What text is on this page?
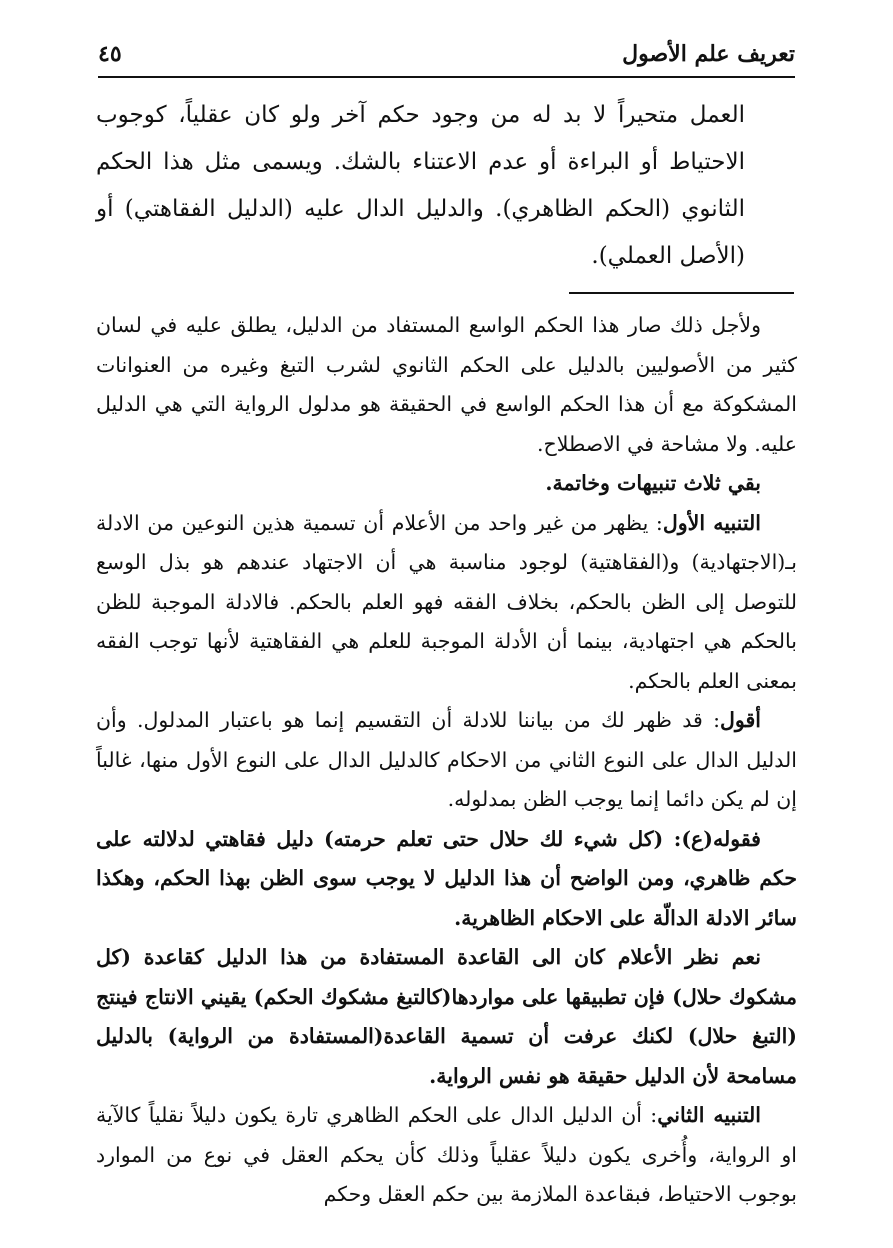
تعريف علم الأصول
٤٥

العمل متحيراً لا بد له من وجود حكم آخر ولو كان عقلياً، كوجوب الاحتياط أو البراءة أو عدم الاعتناء بالشك. ويسمى مثل هذا الحكم الثانوي (الحكم الظاهري). والدليل الدال عليه (الدليل الفقاهتي) أو (الأصل العملي).

ولأجل ذلك صار هذا الحكم الواسع المستفاد من الدليل، يطلق عليه في لسان كثير من الأصوليين بالدليل على الحكم الثانوي لشرب التبغ وغيره من العنوانات المشكوكة مع أن هذا الحكم الواسع في الحقيقة هو مدلول الرواية التي هي الدليل عليه. ولا مشاحة في الاصطلاح.

بقي ثلاث تنبيهات وخاتمة.

التنبيه الأول: يظهر من غير واحد من الأعلام أن تسمية هذين النوعين من الادلة بـ(الاجتهادية) و(الفقاهتية) لوجود مناسبة هي أن الاجتهاد عندهم هو بذل الوسع للتوصل إلى الظن بالحكم، بخلاف الفقه فهو العلم بالحكم. فالادلة الموجبة للظن بالحكم هي اجتهادية، بينما أن الأدلة الموجبة للعلم هي الفقاهتية لأنها توجب الفقه بمعنى العلم بالحكم.

أقول: قد ظهر لك من بياننا للادلة أن التقسيم إنما هو باعتبار المدلول. وأن الدليل الدال على النوع الثاني من الاحكام كالدليل الدال على النوع الأول منها، غالباً إن لم يكن دائما إنما يوجب الظن بمدلوله.

فقوله(ع): (كل شيء لك حلال حتى تعلم حرمته) دليل فقاهتي لدلالته على حكم ظاهري، ومن الواضح أن هذا الدليل لا يوجب سوى الظن بهذا الحكم، وهكذا سائر الادلة الدالّة على الاحكام الظاهرية.

نعم نظر الأعلام كان الى القاعدة المستفادة من هذا الدليل كقاعدة (كل مشكوك حلال) فإن تطبيقها على مواردها(كالتبغ مشكوك الحكم) يقيني الانتاج فينتج (التبغ حلال) لكنك عرفت أن تسمية القاعدة(المستفادة من الرواية) بالدليل مسامحة لأن الدليل حقيقة هو نفس الرواية.

التنبيه الثاني: أن الدليل الدال على الحكم الظاهري تارة يكون دليلاً نقلياً كالآية او الرواية، وأُخرى يكون دليلاً عقلياً وذلك كأن يحكم العقل في نوع من الموارد بوجوب الاحتياط، فبقاعدة الملازمة بين حكم العقل وحكم
